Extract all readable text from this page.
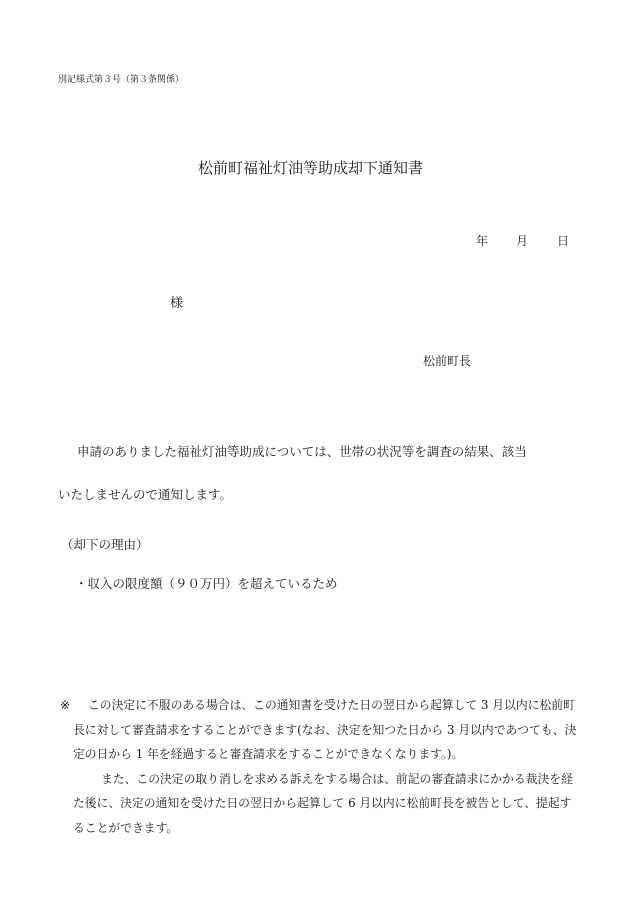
別記様式第３号（第３条関係）
松前町福祉灯油等助成却下通知書
年 月 日
様
松前町長
申請のありました福祉灯油等助成については、世帯の状況等を調査の結果、該当
いたしませんので通知します。
（却下の理由）
・収入の限度額（９０万円）を超えているため
※	この決定に不服のある場合は、この通知書を受けた日の翌日から起算して 3 月以内に松前町長に対して審査請求をすることができます(なお、決定を知つた日から 3 月以内であつても、決定の日から 1 年を経過すると審査請求をすることができなくなります。)。
また、この決定の取り消しを求める訴えをする場合は、前記の審査請求にかかる裁決を経た後に、決定の通知を受けた日の翌日から起算して 6 月以内に松前町長を被告として、提起することができます。
